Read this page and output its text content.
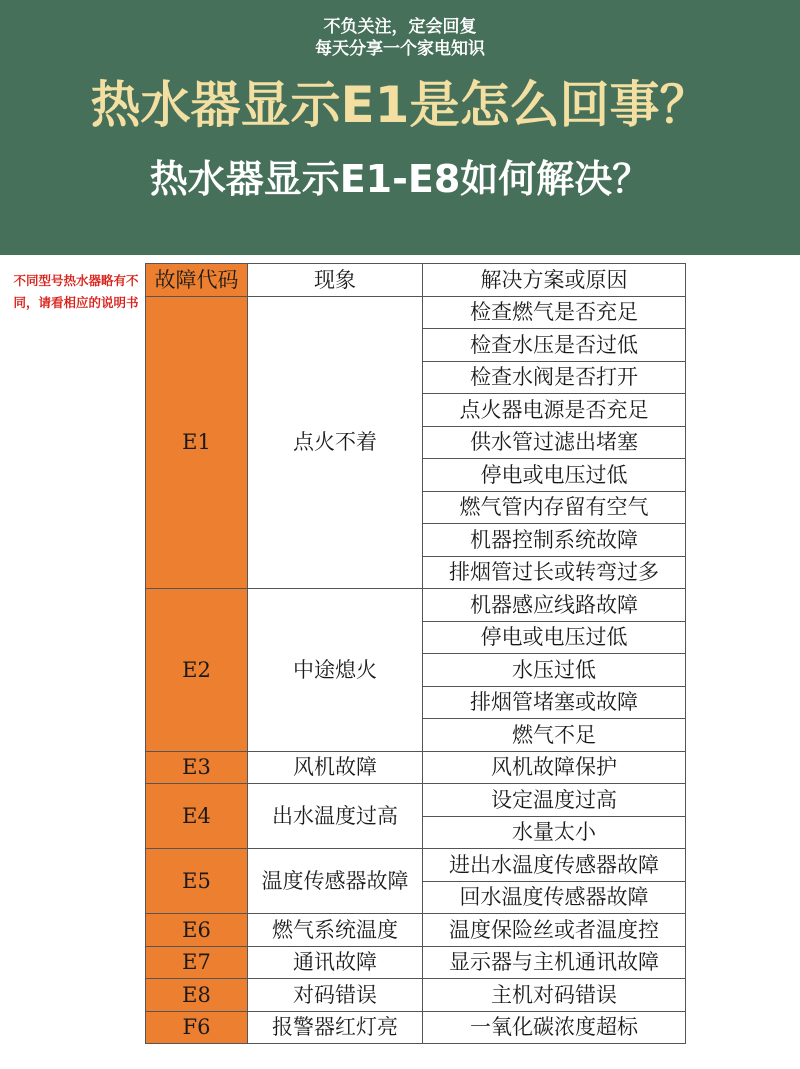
不负关注，定会回复
每天分享一个家电知识
热水器显示E1是怎么回事？
热水器显示E1-E8如何解决？
不同型号热水器略有不同，请看相应的说明书
故障代码	现象	解决方案或原因
E1	点火不着	检查燃气是否充足
		检查水压是否过低
		检查水阀是否打开
		点火器电源是否充足
		供水管过滤出堵塞
		停电或电压过低
		燃气管内存留有空气
		机器控制系统故障
		排烟管过长或转弯过多
E2	中途熄火	机器感应线路故障
		停电或电压过低
		水压过低
		排烟管堵塞或故障
		燃气不足
E3	风机故障	风机故障保护
E4	出水温度过高	设定温度过高
		水量太小
E5	温度传感器故障	进出水温度传感器故障
		回水温度传感器故障
E6	燃气系统温度	温度保险丝或者温度控
E7	通讯故障	显示器与主机通讯故障
E8	对码错误	主机对码错误
F6	报警器红灯亮	一氧化碳浓度超标
